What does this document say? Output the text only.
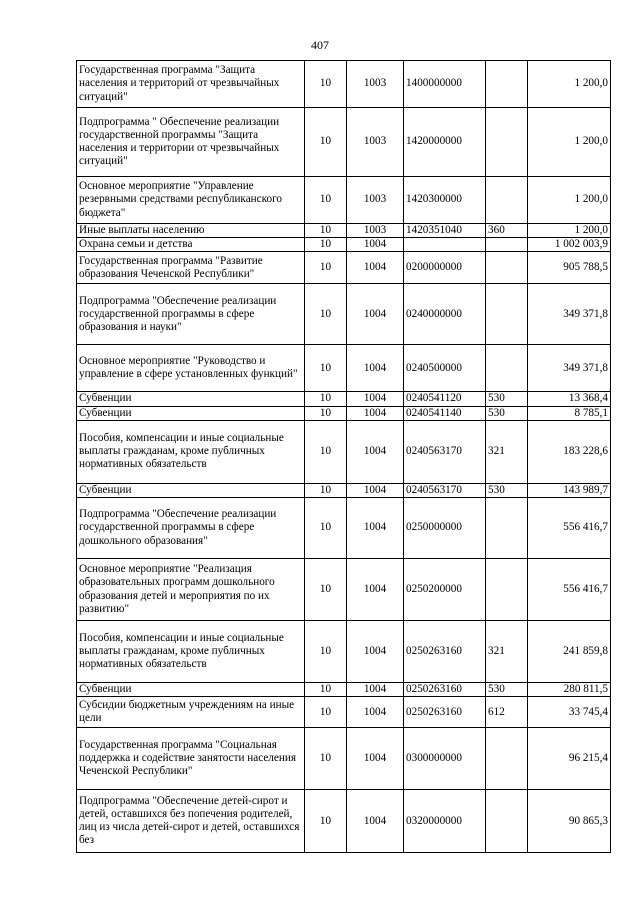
407
Государственная программа "Защита населения и территорий от чрезвычайных ситуаций"	10	1003	1400000000		1 200,0
Подпрограмма " Обеспечение реализации государственной программы "Защита населения и территории от чрезвычайных ситуаций"	10	1003	1420000000		1 200,0
Основное мероприятие "Управление резервными средствами республиканского бюджета"	10	1003	1420300000		1 200,0
Иные выплаты населению	10	1003	1420351040	360	1 200,0
Охрана семьи и детства	10	1004			1 002 003,9
Государственная программа "Развитие образования Чеченской Республики"	10	1004	0200000000		905 788,5
Подпрограмма "Обеспечение реализации государственной программы в сфере образования и науки"	10	1004	0240000000		349 371,8
Основное мероприятие "Руководство и управление в сфере установленных функций"	10	1004	0240500000		349 371,8
Субвенции	10	1004	0240541120	530	13 368,4
Субвенции	10	1004	0240541140	530	8 785,1
Пособия, компенсации и иные социальные выплаты гражданам, кроме публичных нормативных обязательств	10	1004	0240563170	321	183 228,6
Субвенции	10	1004	0240563170	530	143 989,7
Подпрограмма "Обеспечение реализации государственной программы в сфере дошкольного образования"	10	1004	0250000000		556 416,7
Основное мероприятие "Реализация образовательных программ дошкольного образования детей и мероприятия по их развитию"	10	1004	0250200000		556 416,7
Пособия, компенсации и иные социальные выплаты гражданам, кроме публичных нормативных обязательств	10	1004	0250263160	321	241 859,8
Субвенции	10	1004	0250263160	530	280 811,5
Субсидии бюджетным учреждениям на иные цели	10	1004	0250263160	612	33 745,4
Государственная программа "Социальная поддержка и содействие занятости населения Чеченской Республики"	10	1004	0300000000		96 215,4
Подпрограмма "Обеспечение детей-сирот и детей, оставшихся без попечения родителей, лиц из числа детей-сирот и детей, оставшихся без	10	1004	0320000000		90 865,3
